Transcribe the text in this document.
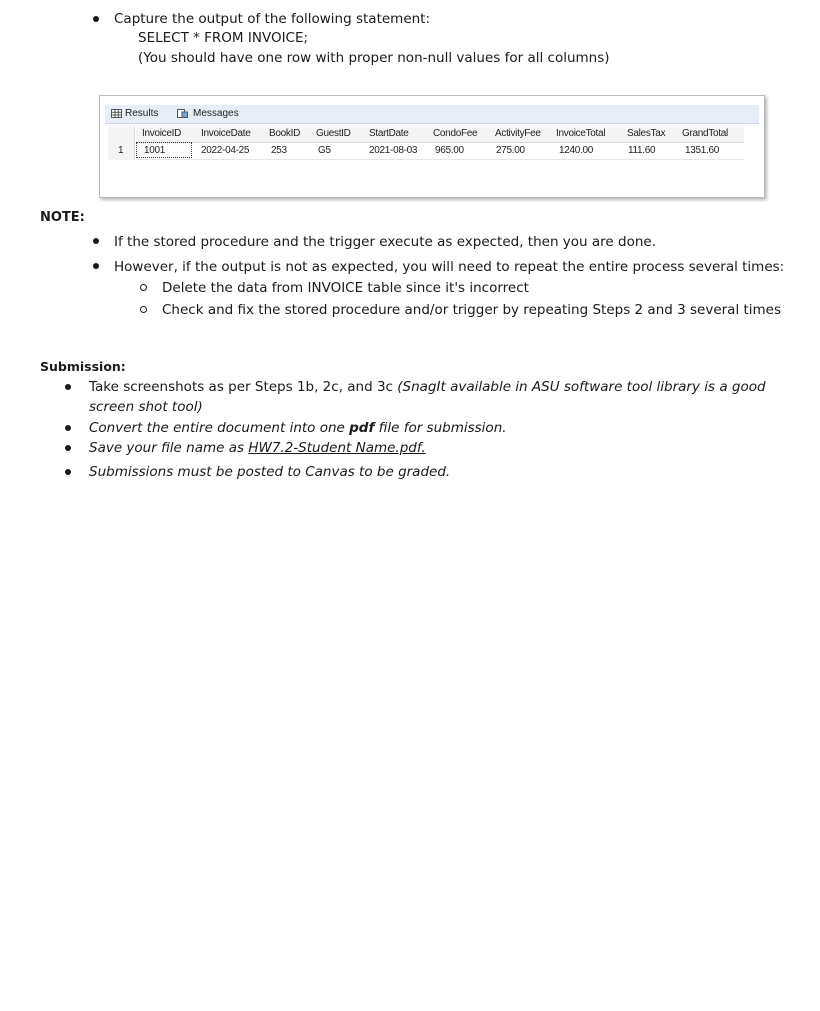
Capture the output of the following statement:
SELECT * FROM INVOICE;
(You should have one row with proper non-null values for all columns)
Results	Messages
1
InvoiceID InvoiceDate BookID GuestID StartDate CondoFee ActivityFee InvoiceTotal SalesTax GrandTotal
1001	2022-04-25 253	G5	2021-08-03 965.00	275.00	1240.00	111.60	1351.60
NOTE:
If the stored procedure and the trigger execute as expected, then you are done.
However, if the output is not as expected, you will need to repeat the entire process several times:
Delete the data from INVOICE table since it's incorrect
Check and fix the stored procedure and/or trigger by repeating Steps 2 and 3 several times
Submission:
Take screenshots as per Steps 1b, 2c, and 3c (SnagIt available in ASU software tool library is a good
screen shot tool)
Convert the entire document into one pdf file for submission.
Save your file name as HW7.2-Student Name.pdf.
Submissions must be posted to Canvas to be graded.
